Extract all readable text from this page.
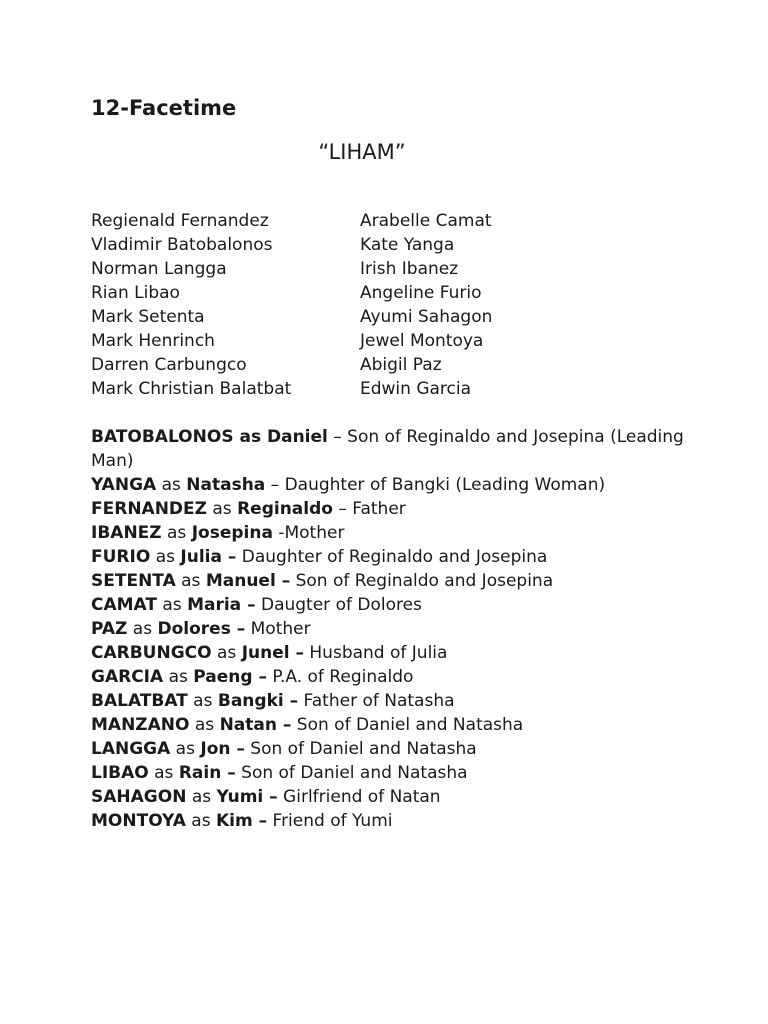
12-Facetime
“LIHAM”
Regienald Fernandez	Arabelle Camat
Vladimir Batobalonos	Kate Yanga
Norman Langga	Irish Ibanez
Rian Libao	Angeline Furio
Mark Setenta	Ayumi Sahagon
Mark Henrinch	Jewel Montoya
Darren Carbungco	Abigil Paz
Mark Christian Balatbat	Edwin Garcia

BATOBALONOS as Daniel – Son of Reginaldo and Josepina (Leading Man)

YANGA as Natasha – Daughter of Bangki (Leading Woman)

FERNANDEZ as Reginaldo – Father

IBANEZ as Josepina -Mother

FURIO as Julia – Daughter of Reginaldo and Josepina

SETENTA as Manuel – Son of Reginaldo and Josepina

CAMAT as Maria – Daugter of Dolores

PAZ as Dolores – Mother

CARBUNGCO as Junel – Husband of Julia

GARCIA as Paeng – P.A. of Reginaldo

BALATBAT as Bangki – Father of Natasha

MANZANO as Natan – Son of Daniel and Natasha

LANGGA as Jon – Son of Daniel and Natasha

LIBAO as Rain – Son of Daniel and Natasha

SAHAGON as Yumi – Girlfriend of Natan

MONTOYA as Kim – Friend of Yumi
